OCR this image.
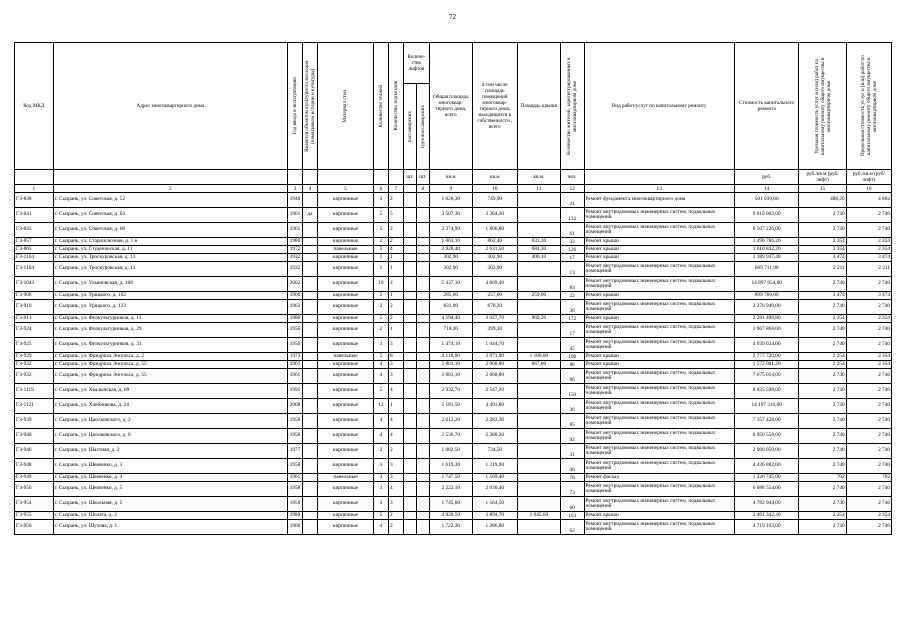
72
Код МКД	Адрес многоквартирного дома	Год ввода в эксплуатацию	Является объектом культурного наследия (памятником истории и культуры)	Материал стен	Количество этажей	Количество подъездов	Количе-ство лифтов		Общая площадь многоквар-тирного дома, всего	в том числе площадь помещений многоквар-тирного дома, находящихся в собственности , всего	Площадь крыши	Количество жителей, зарегистрированных в многоквартирном доме	Вид работ/услуг по капитальному ремонту	Стоимость капитального ремонта	Удельная стоимость услуг и (или) работ по капитальному ремонту общего имущества в многоквартирном доме	Предельная стоимость услуг и (или) работ по капитальному ремонту общего имущества в многоквартирном доме

							пассажирских	грузопассажирских								

							шт.	шт.	кв.м	кв.м	кв.м.	чел.		руб.	руб./кв.м (руб/лифт)	руб./кв.м (руб/лифт)
1	2	3	4	5	6	7		8	9	10	11	12	13	14	15	16
ГЗ-838	г. Сызрань, ул. Советская, д. 52	1940		кирпичные	3	2			1 026,30	749,90		31	Ремонт фундамента многоквартирного дома	501 039,66	488,20	4 882
ГЗ-641	г. Сызрань, ул. Советская, д. 63	1961	да	кирпичные	5	5			3 507,30	3 364,30		132	Ремонт внутридомовых инженерных систем, подвальных помещений	9 610 002,00	2 740	2 740
ГЗ-843	г. Сызрань, ул. Советская, д. 68	1961		кирпичные	5	2			2 374,90	1 806,80		61	Ремонт внутридомовых инженерных систем, подвальных помещений	6 507 226,00	2 740	2 740
ГЗ-857	г. Сызрань, ул. Старошлюзная, д. 1 в	1980		кирпичные	2	2			1 063,10	862,40	633,30	33	Ремонт крыши	1 490 786,20	2 354	2 354
ГЗ-865	г. Сызрань, ул. Студенческая, д. 11	1972		панельные	5	4			2 928,40	2 631,50	684,30	126	Ремонт крыши	1 610 842,20	2 354	2 354
ГЗ-1104	г. Сызрань, ул. Троскуровская, д. 13	1932		кирпичные	1	1			302,90	302,90	400,10	17	Ремонт крыши	1 189 947,40	3 474	3 474
ГЗ-1104	г. Сызрань, ул. Троскуровская, д. 13	1932		кирпичные	1	1			302,90	302,90		13	Ремонт внутридомовых инженерных систем, подвальных помещений	669 711,90	2 211	2 211
ГЗ-1043	г. Сызрань, ул. Ульяновская, д. 108	2002		кирпичные	10	2			5 437,10	4 669,40		83	Ремонт внутридомовых инженерных систем, подвальных помещений	14 897 654,00	2 740	2 740
ГЗ-908	г. Сызрань, ул. Урицкого, д. 102	1960		кирпичные	2	1			285,60	257,00	259,00	22	Ремонт крыши	899 766,00	3 474	3 474
ГЗ-910	г. Сызрань, ул. Урицкого, д. 123	1963		кирпичные	2	2			831,00	678,20		36	Ремонт внутридомовых инженерных систем, подвальных помещений	2 276 940,00	2 740	2 740
ГЗ-913	г. Сызрань, ул. Физкультурников, д. 11	1980		кирпичные	5	2			4 594,40	3 027,70	969,20	172	Ремонт крыши	2 281 496,80	2 354	2 354
ГЗ-924	г. Сызрань, ул. Физкультурников, д. 29	1956		кирпичные	2	1			718,20	399,30		17	Ремонт внутридомовых инженерных систем, подвальных помещений	1 967 868,00	2 740	2 740
ГЗ-925	г. Сызрань, ул. Физкультурников, д. 31	1956		кирпичные	3	3			1 474,10	1 044,70		45	Ремонт внутридомовых инженерных систем, подвальных помещений	4 039 034,00	2 740	2 740
ГЗ-929	г. Сызрань, ул. Фридриха Энгельса, д. 2	1973		панельные	5	8			4 118,60	3 971,90	1 180,00	190	Ремонт крыши	2 777 720,00	2 354	2 354
ГЗ-932	г. Сызрань, ул. Фридриха Энгельса, д. 55	1961		кирпичные	4	3			2 801,10	2 060,80	667,80	86	Ремонт крыши	1 572 001,20	2 354	2 354
ГЗ-932	г. Сызрань, ул. Фридриха Энгельса, д. 55	1961		кирпичные	4	3			2 801,10	2 060,80		86	Ремонт внутридомовых инженерных систем, подвальных помещений	7 675 014,00	2 740	2 740
ГЗ-1119	г. Сызрань, ул. Хвалынская, д. 89	1995		кирпичные	5	4			2 932,70	2 547,20		150	Ремонт внутридомовых инженерных систем, подвальных помещений	8 035 598,00	2 740	2 740
ГЗ-1121	г. Сызрань, ул. Хлебникова, д. 24	2008		кирпичные	12	1			5 181,50	4 491,80		36	Ремонт внутридомовых инженерных систем, подвальных помещений	14 197 310,00	2 740	2 740
ГЗ-939	г. Сызрань, ул. Циолковского, д. 2	1958		кирпичные	4	4			2 612,20	2 383,30		85	Ремонт внутридомовых инженерных систем, подвальных помещений	7 157 428,00	2 740	2 740
ГЗ-940	г. Сызрань, ул. Циолковского, д. 6	1958		кирпичные	4	4			2 536,70	2 380,30		92	Ремонт внутридомовых инженерных систем, подвальных помещений	6 950 558,00	2 740	2 740
ГЗ-946	г. Сызрань, ул. Шахтная, д. 2	1977		кирпичные	2	2			1 082,50	734,50		31	Ремонт внутридомовых инженерных систем, подвальных помещений	2 966 050,00	2 740	2 740
ГЗ-948	г. Сызрань, ул. Шевченко, д. 3	1958		кирпичные	3	3			1 619,30	1 219,90		46	Ремонт внутридомовых инженерных систем, подвальных помещений	4 436 882,00	2 740	2 740
ГЗ-949	г. Сызрань, ул. Шевченко, д. 4	1961		панельные	3	3			1 747,50	1 569,40		78	Ремонт фасада	1 226 745,00	702	702
ГЗ-950	г. Сызрань, ул. Шевченко, д. 5	1958		кирпичные	3	4			2 222,10	2 030,40		73	Ремонт внутридомовых инженерных систем, подвальных помещений	6 088 554,00	2 740	2 740
ГЗ-954	г. Сызрань, ул. Школьная, д. 5	1958		кирпичные	3	3			1 745,60	1 564,50		60	Ремонт внутридомовых инженерных систем, подвальных помещений	4 782 944,00	2 740	2 740
ГЗ-955	г. Сызрань, ул. Шолата, д. 2	1980		кирпичные	5	2			4 820,50	3 894,70	1 045,60	163	Ремонт крыши	2 461 342,40	2 354	2 354
ГЗ-956	г. Сызрань, ул. Шухова, д. 1	1960		кирпичные	4	2			1 722,30	1 286,80		62	Ремонт внутридомовых инженерных систем, подвальных помещений	4 719 102,00	2 740	2 740
